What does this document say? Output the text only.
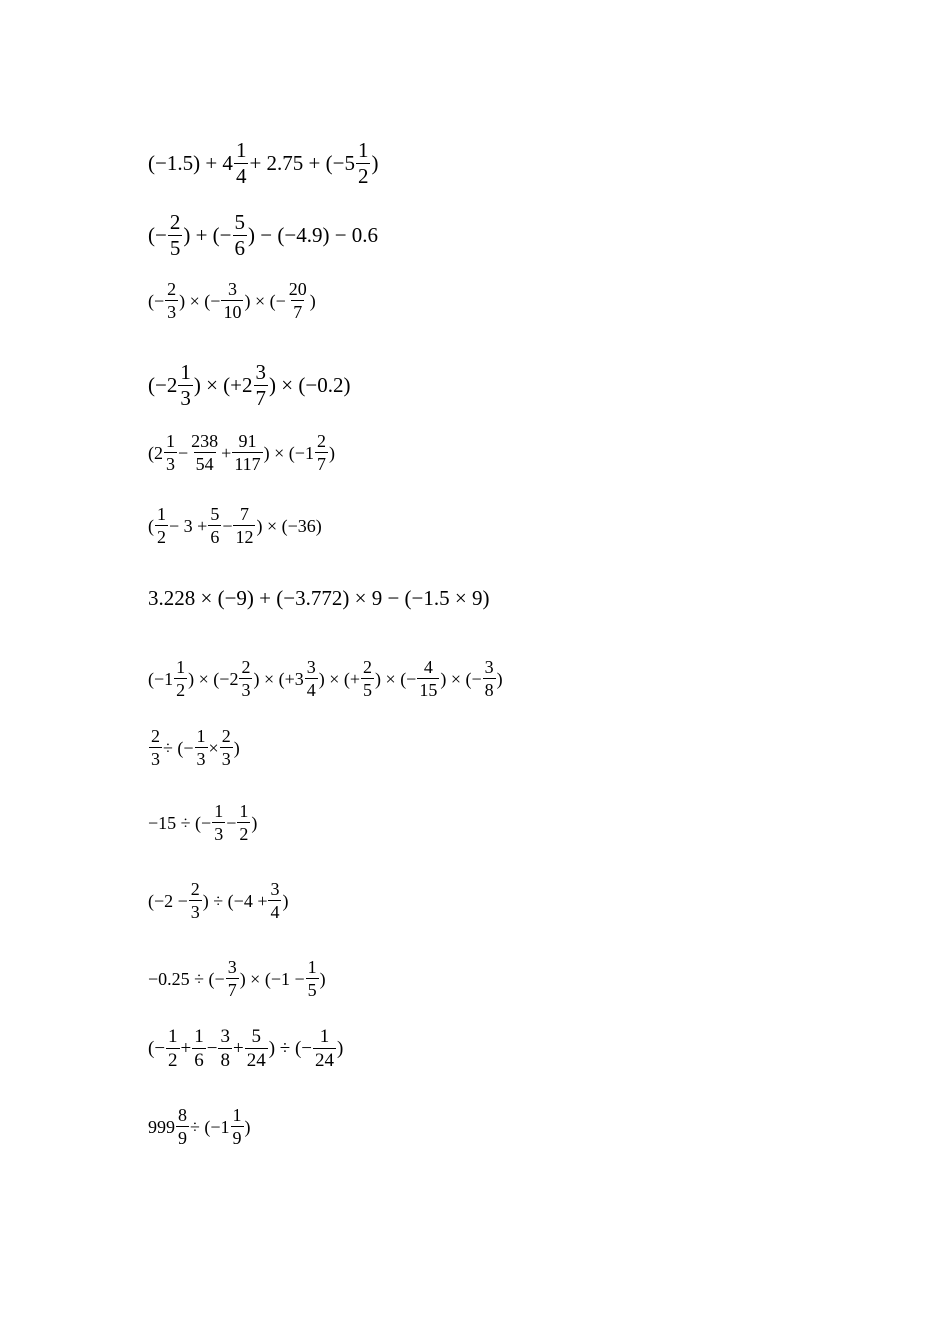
$(-1.5) + 4 \frac{1}{4} + 2.75 + (-5 \frac{1}{2}$ )
(− $\frac{2}{5}$ ) + (− $\frac{5}{6}$ ) − (−4.9) − 0.6
(− $\frac{2}{3}$ ) × (− $\frac{3}{10}$ ) × (− $\frac{20}{7}$ )
($-2 \frac{1}{3}$ ) × ($+2 \frac{3}{7}$ ) × (−0.2)
($2 \frac{1}{3} - \frac{238}{54} + \frac{91}{117}$ ) × ($-1 \frac{2}{7}$ )
( $\frac{1}{2} - 3 + \frac{5}{6} - \frac{7}{12}$ ) × (−36)
3.228 × (−9) + (−3.772) × 9 − (−1.5 × 9)
($-1 \frac{1}{2}$ ) × ($-2 \frac{2}{3}$ ) × ($+3 \frac{3}{4}$ ) × (+ $\frac{2}{5}$ ) × (− $\frac{4}{15}$ ) × (− $\frac{3}{8}$ )
$\frac{2}{3}$ ÷ (− $\frac{1}{3} \times \frac{2}{3}$ )
−15 ÷ (− $\frac{1}{3} - \frac{1}{2}$ )
($-2 - \frac{2}{3}$ ) ÷ ($-4 + \frac{3}{4}$ )
−0.25 ÷ (− $\frac{3}{7}$ ) × ($-1 - \frac{1}{5}$ )
(− $\frac{1}{2} + \frac{1}{6} - \frac{3}{8} + \frac{5}{24}$ ) ÷ (− $\frac{1}{24}$ )
$999 \frac{8}{9} \div (-1 \frac{1}{9}$ )
